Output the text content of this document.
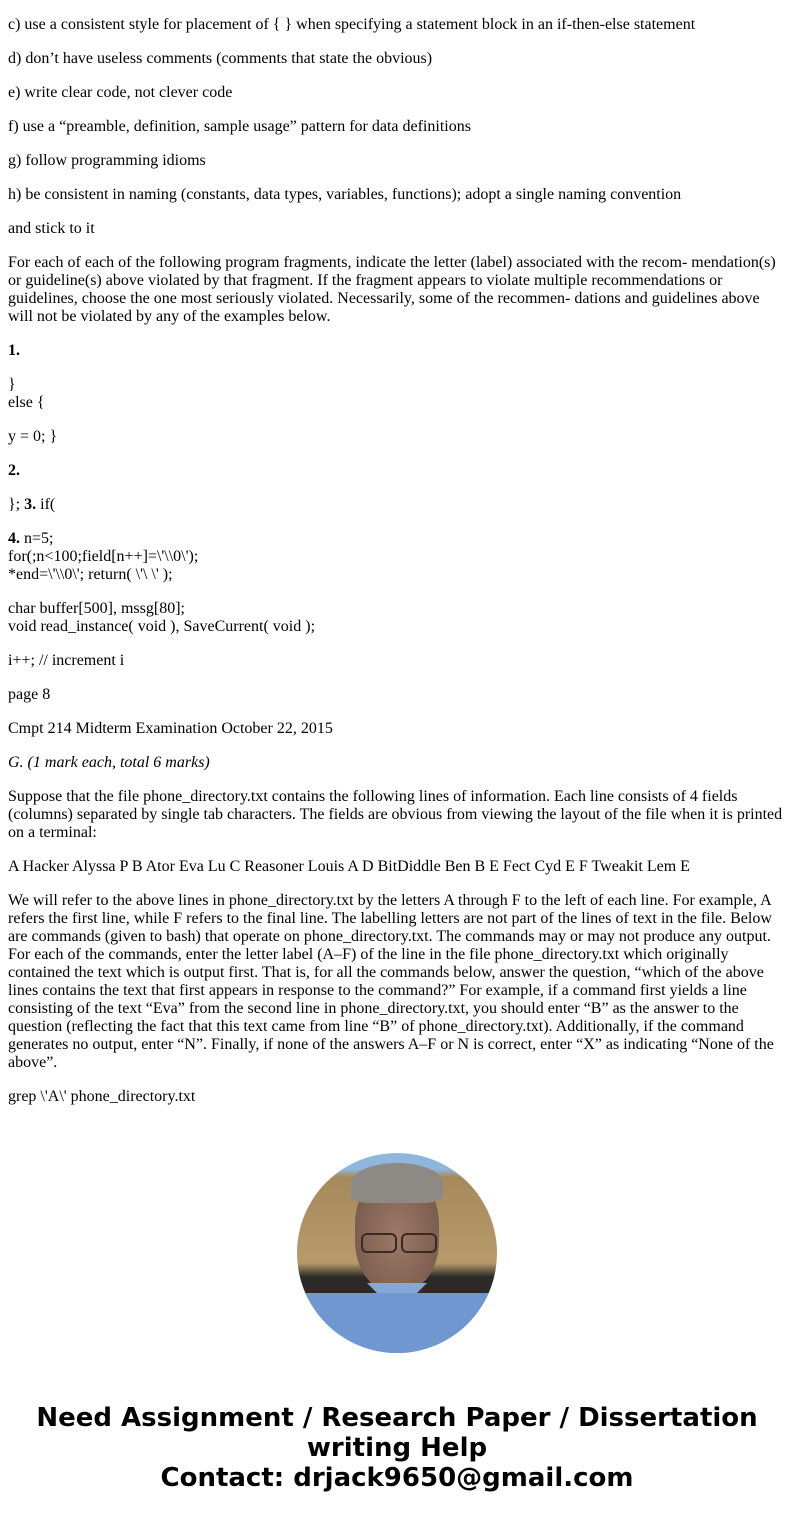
c) use a consistent style for placement of { } when specifying a statement block in an if-then-else statement

d) don’t have useless comments (comments that state the obvious)

e) write clear code, not clever code

f) use a “preamble, definition, sample usage” pattern for data definitions

g) follow programming idioms

h) be consistent in naming (constants, data types, variables, functions); adopt a single naming convention

and stick to it

For each of each of the following program fragments, indicate the letter (label) associated with the recom- mendation(s) or guideline(s) above violated by that fragment. If the fragment appears to violate multiple recommendations or guidelines, choose the one most seriously violated. Necessarily, some of the recommen- dations and guidelines above will not be violated by any of the examples below.

1.

}
else {

y = 0; }

2.

}; 3. if(

4. n=5;
for(;n<100;field[n++]=\'\\0\');
*end=\'\\0\'; return( \'\ \' );
char buffer[500], mssg[80];
void read_instance( void ), SaveCurrent( void );

i++; // increment i

page 8

Cmpt 214 Midterm Examination October 22, 2015

G. (1 mark each, total 6 marks)

Suppose that the file phone_directory.txt contains the following lines of information. Each line consists of 4 fields (columns) separated by single tab characters. The fields are obvious from viewing the layout of the file when it is printed on a terminal:

A Hacker Alyssa P B Ator Eva Lu C Reasoner Louis A D BitDiddle Ben B E Fect Cyd E F Tweakit Lem E

We will refer to the above lines in phone_directory.txt by the letters A through F to the left of each line. For example, A refers the first line, while F refers to the final line. The labelling letters are not part of the lines of text in the file. Below are commands (given to bash) that operate on phone_directory.txt. The commands may or may not produce any output. For each of the commands, enter the letter label (A–F) of the line in the file phone_directory.txt which originally contained the text which is output first. That is, for all the commands below, answer the question, “which of the above lines contains the text that first appears in response to the command?” For example, if a command first yields a line consisting of the text “Eva” from the second line in phone_directory.txt, you should enter “B” as the answer to the question (reflecting the fact that this text came from line “B” of phone_directory.txt). Additionally, if the command generates no output, enter “N”. Finally, if none of the answers A–F or N is correct, enter “X” as indicating “None of the above”.

grep \'A\' phone_directory.txt

Need Assignment / Research Paper / Dissertation
writing Help
Contact: drjack9650@gmail.com
